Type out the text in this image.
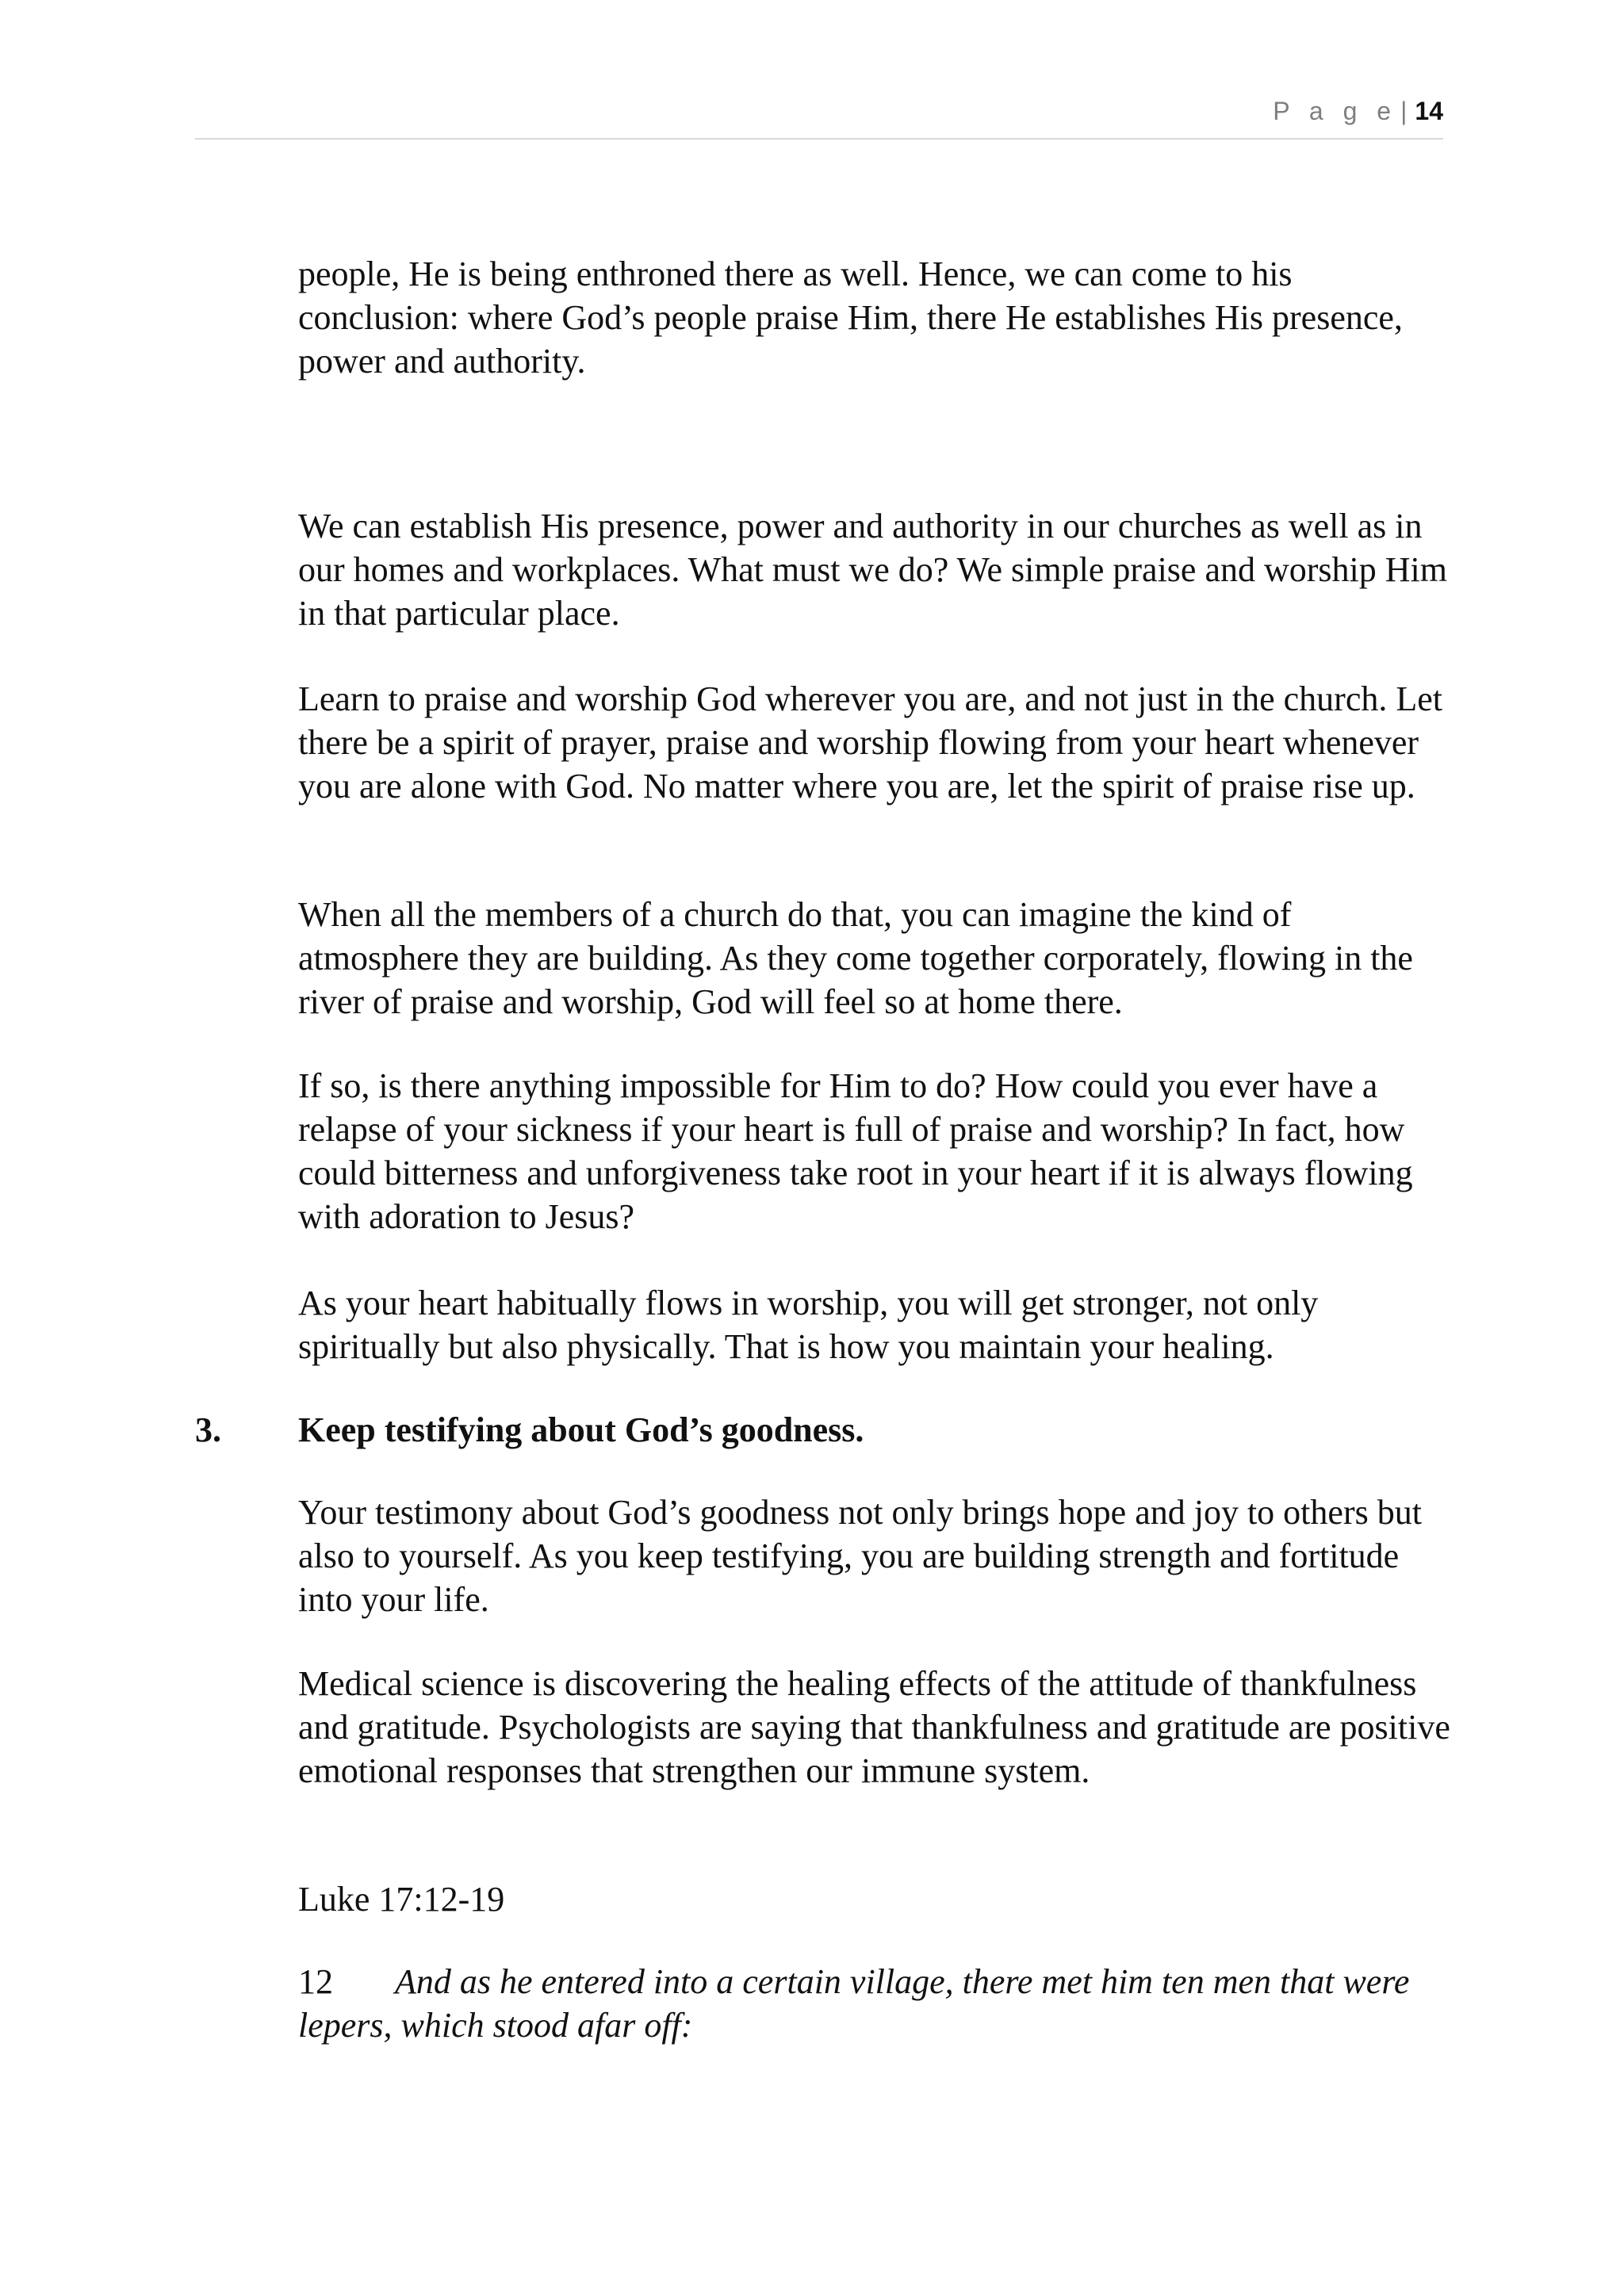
P a g e | 14

people, He is being enthroned there as well. Hence, we can come to his conclusion: where God’s people praise Him, there He establishes His presence, power and authority.

We can establish His presence, power and authority in our churches as well as in our homes and workplaces. What must we do? We simple praise and worship Him in that particular place.

Learn to praise and worship God wherever you are, and not just in the church. Let there be a spirit of prayer, praise and worship flowing from your heart whenever you are alone with God. No matter where you are, let the spirit of praise rise up.

When all the members of a church do that, you can imagine the kind of atmosphere they are building. As they come together corporately, flowing in the river of praise and worship, God will feel so at home there.

If so, is there anything impossible for Him to do? How could you ever have a relapse of your sickness if your heart is full of praise and worship? In fact, how could bitterness and unforgiveness take root in your heart if it is always flowing with adoration to Jesus?

As your heart habitually flows in worship, you will get stronger, not only spiritually but also physically. That is how you maintain your healing.

3. Keep testifying about God’s goodness.

Your testimony about God’s goodness not only brings hope and joy to others but also to yourself. As you keep testifying, you are building strength and fortitude into your life.

Medical science is discovering the healing effects of the attitude of thankfulness and gratitude. Psychologists are saying that thankfulness and gratitude are positive emotional responses that strengthen our immune system.

Luke 17:12-19

12	And as he entered into a certain village, there met him ten men that were lepers, which stood afar off:
